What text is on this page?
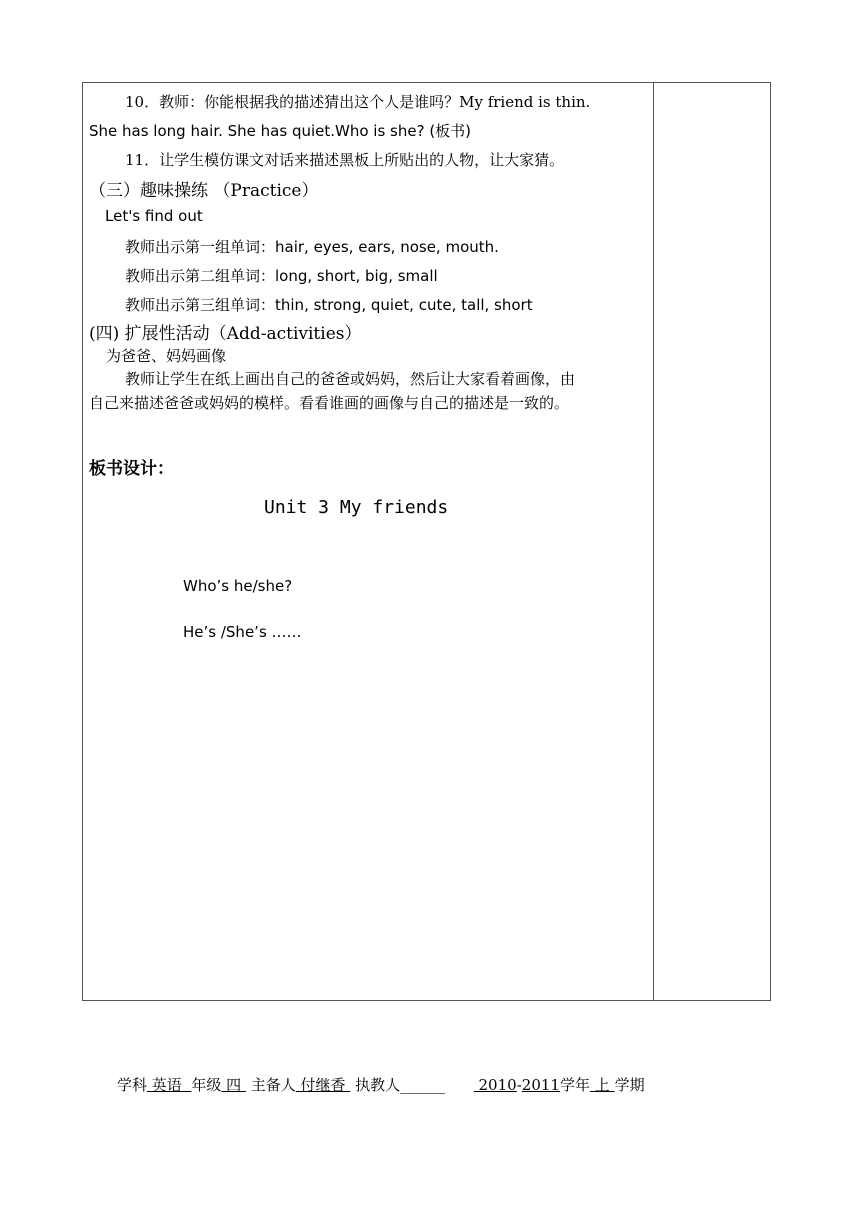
10．教师：你能根据我的描述猜出这个人是谁吗？My friend is thin.
She has long hair. She has quiet.Who is she? (板书)
11．让学生模仿课文对话来描述黑板上所贴出的人物，让大家猜。
（三）趣味操练 （Practice）
Let's find out
教师出示第一组单词：hair, eyes, ears, nose, mouth.
教师出示第二组单词：long, short, big, small
教师出示第三组单词：thin, strong, quiet, cute, tall, short
(四) 扩展性活动（Add-activities）
为爸爸、妈妈画像
教师让学生在纸上画出自己的爸爸或妈妈，然后让大家看着画像，由
自己来描述爸爸或妈妈的模样。看看谁画的画像与自己的描述是一致的。
板书设计：
Unit 3 My friends
Who’s he/she?
He’s /She’s ……
学科 英语 年级 四 主备人 付继香 执教人______ 2010-2011学年 上 学期
